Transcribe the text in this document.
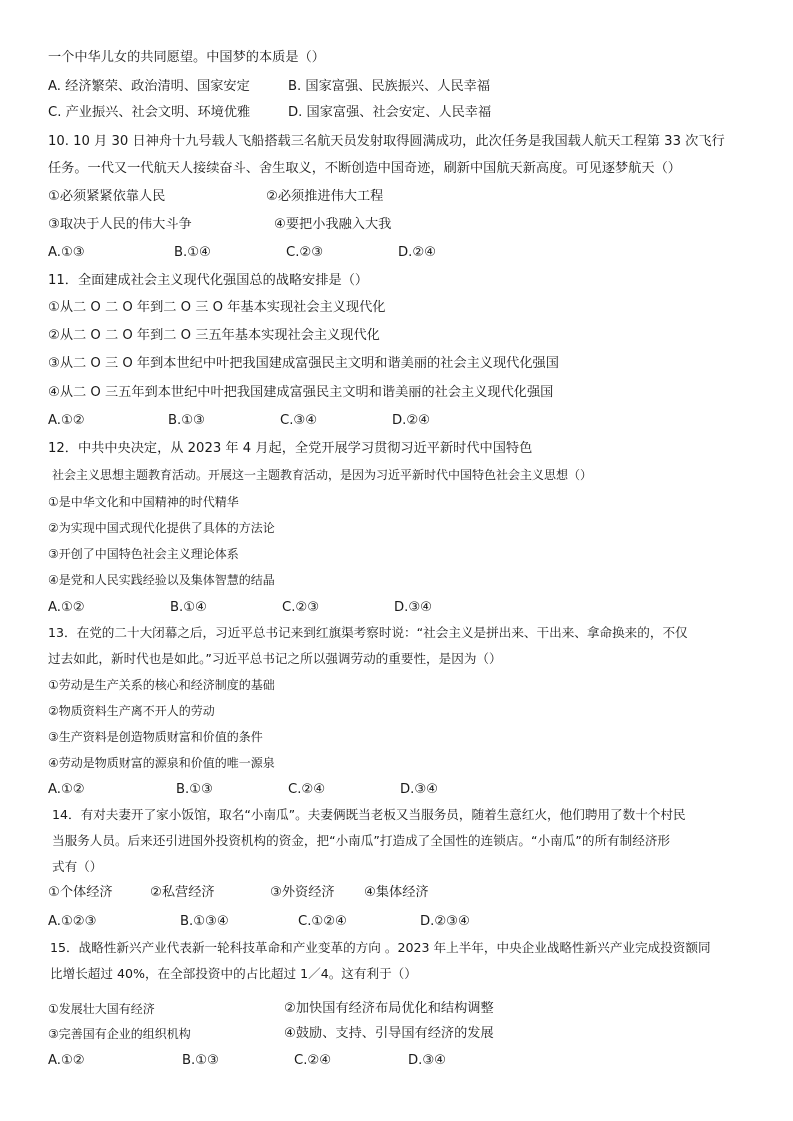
一个中华儿女的共同愿望。中国梦的本质是（）
A. 经济繁荣、政治清明、国家安定	B. 国家富强、民族振兴、人民幸福
C. 产业振兴、社会文明、环境优雅	D. 国家富强、社会安定、人民幸福
10. 10 月 30 日神舟十九号载人飞船搭载三名航天员发射取得圆满成功，此次任务是我国载人航天工程第 33 次飞行
任务。一代又一代航天人接续奋斗、舍生取义，不断创造中国奇迹，刷新中国航天新高度。可见逐梦航天（）
①必须紧紧依靠人民	②必须推进伟大工程
③取决于人民的伟大斗争	④要把小我融入大我
A.①③	B.①④	C.②③	D.②④
11．全面建成社会主义现代化强国总的战略安排是（）
①从二 O 二 O 年到二 O 三 O 年基本实现社会主义现代化
②从二 O 二 O 年到二 O 三五年基本实现社会主义现代化
③从二 O 三 O 年到本世纪中叶把我国建成富强民主文明和谐美丽的社会主义现代化强国
④从二 O 三五年到本世纪中叶把我国建成富强民主文明和谐美丽的社会主义现代化强国
A.①②	B.①③	C.③④	D.②④
12．中共中央决定，从 2023 年 4 月起，全党开展学习贯彻习近平新时代中国特色
社会主义思想主题教育活动。开展这一主题教育活动，是因为习近平新时代中国特色社会主义思想（）
①是中华文化和中国精神的时代精华
②为实现中国式现代化提供了具体的方法论
③开创了中国特色社会主义理论体系
④是党和人民实践经验以及集体智慧的结晶
A.①②	B.①④	C.②③	D.③④
13．在党的二十大闭幕之后，习近平总书记来到红旗渠考察时说：“社会主义是拼出来、干出来、拿命换来的，不仅
过去如此，新时代也是如此。”习近平总书记之所以强调劳动的重要性，是因为（）
①劳动是生产关系的核心和经济制度的基础
②物质资料生产离不开人的劳动
③生产资料是创造物质财富和价值的条件
④劳动是物质财富的源泉和价值的唯一源泉
A.①②	B.①③	C.②④	D.③④
14．有对夫妻开了家小饭馆，取名“小南瓜”。夫妻俩既当老板又当服务员，随着生意红火，他们聘用了数十个村民
当服务人员。后来还引进国外投资机构的资金，把“小南瓜”打造成了全国性的连锁店。“小南瓜”的所有制经济形
式有（）
①个体经济	②私营经济	③外资经济 ④集体经济
A.①②③	B.①③④	C.①②④	D.②③④
15．战略性新兴产业代表新一轮科技革命和产业变革的方向 。2023 年上半年，中央企业战略性新兴产业完成投资额同
比增长超过 40%，在全部投资中的占比超过 1／4。这有利于（）
①发展壮大国有经济	②加快国有经济布局优化和结构调整
③完善国有企业的组织机构	④鼓励、支持、引导国有经济的发展
A.①②	B.①③	C.②④	D.③④
